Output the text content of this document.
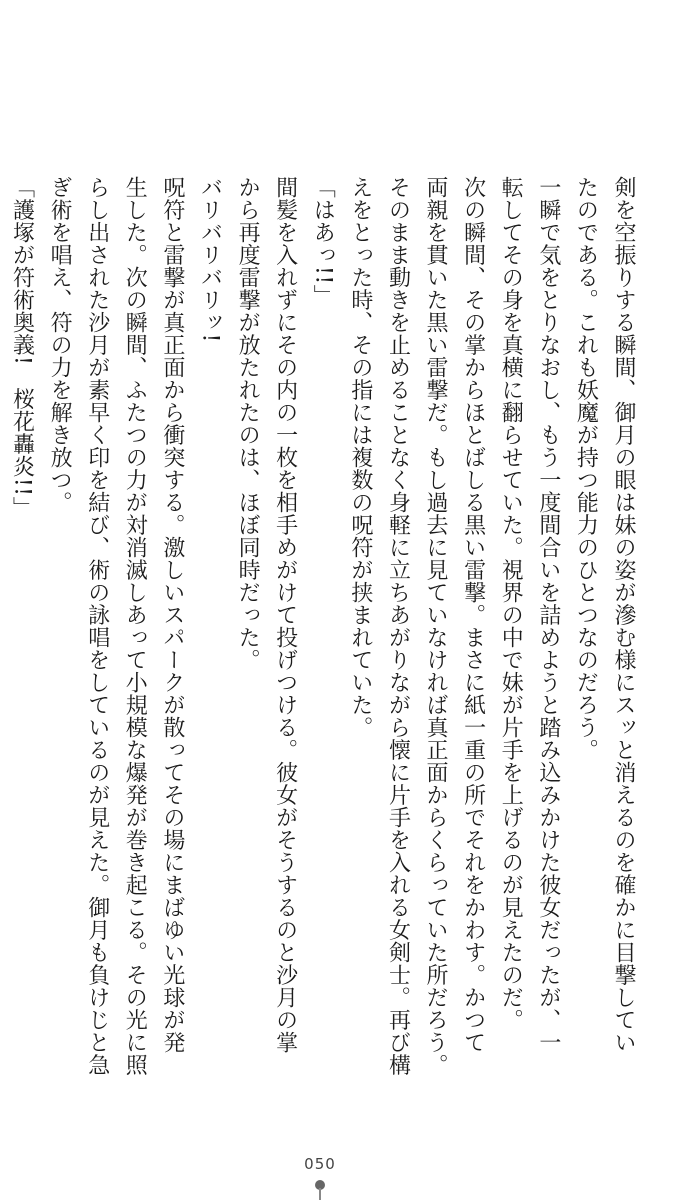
剣を空振りする瞬間、御月の眼は妹の姿が滲む様にスッと消えるのを確かに目撃してい
たのである。これも妖魔が持つ能力のひとつなのだろう。
一瞬で気をとりなおし、もう一度間合いを詰めようと踏み込みかけた彼女だったが、一
転してその身を真横に翻らせていた。視界の中で妹が片手を上げるのが見えたのだ。
次の瞬間、その掌からほとばしる黒い雷撃。まさに紙一重の所でそれをかわす。かつて
両親を貫いた黒い雷撃だ。もし過去に見ていなければ真正面からくらっていた所だろう。
そのまま動きを止めることなく身軽に立ちあがりながら懐に片手を入れる女剣士。再び構
えをとった時、その指には複数の呪符が挟まれていた。
「はあっ!!」
間髪を入れずにその内の一枚を相手めがけて投げつける。彼女がそうするのと沙月の掌
から再度雷撃が放たれたのは、ほぼ同時だった。
バリバリバリッ!
呪符と雷撃が真正面から衝突する。激しいスパークが散ってその場にまばゆい光球が発
生した。次の瞬間、ふたつの力が対消滅しあって小規模な爆発が巻き起こる。その光に照
らし出された沙月が素早く印を結び、術の詠唱をしているのが見えた。御月も負けじと急
ぎ術を唱え、符の力を解き放つ。
「護塚が符術奥義!　桜花轟炎!!」
050
